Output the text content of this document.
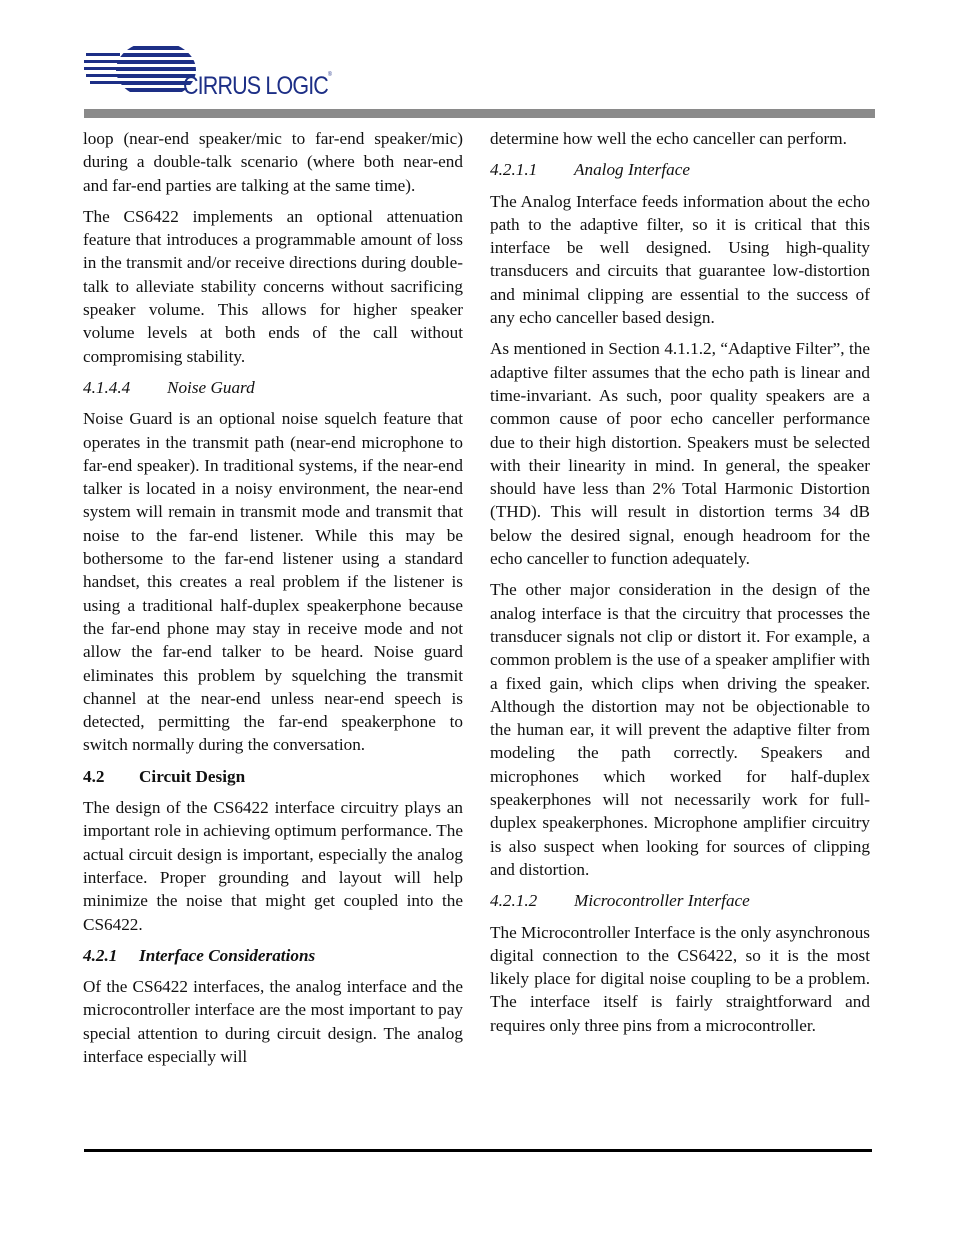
CIRRUS LOGIC®

loop (near-end speaker/mic to far-end speaker/mic) during a double-talk scenario (where both near-end and far-end parties are talking at the same time).

The CS6422 implements an optional attenuation feature that introduces a programmable amount of loss in the transmit and/or receive directions during double-talk to alleviate stability concerns without sacrificing speaker volume. This allows for higher speaker volume levels at both ends of the call without compromising stability.

4.1.4.4 Noise Guard

Noise Guard is an optional noise squelch feature that operates in the transmit path (near-end microphone to far-end speaker). In traditional systems, if the near-end talker is located in a noisy environment, the near-end system will remain in transmit mode and transmit that noise to the far-end listener. While this may be bothersome to the far-end listener using a standard handset, this creates a real problem if the listener is using a traditional half-duplex speakerphone because the far-end phone may stay in receive mode and not allow the far-end talker to be heard. Noise guard eliminates this problem by squelching the transmit channel at the near-end unless near-end speech is detected, permitting the far-end speakerphone to switch normally during the conversation.

4.2 Circuit Design

The design of the CS6422 interface circuitry plays an important role in achieving optimum performance. The actual circuit design is important, especially the analog interface. Proper grounding and layout will help minimize the noise that might get coupled into the CS6422.

4.2.1 Interface Considerations

Of the CS6422 interfaces, the analog interface and the microcontroller interface are the most important to pay special attention to during circuit design. The analog interface especially will

determine how well the echo canceller can perform.

4.2.1.1 Analog Interface

The Analog Interface feeds information about the echo path to the adaptive filter, so it is critical that this interface be well designed. Using high-quality transducers and circuits that guarantee low-distortion and minimal clipping are essential to the success of any echo canceller based design.

As mentioned in Section 4.1.1.2, “Adaptive Filter”, the adaptive filter assumes that the echo path is linear and time-invariant. As such, poor quality speakers are a common cause of poor echo canceller performance due to their high distortion. Speakers must be selected with their linearity in mind. In general, the speaker should have less than 2% Total Harmonic Distortion (THD). This will result in distortion terms 34 dB below the desired signal, enough headroom for the echo canceller to function adequately.

The other major consideration in the design of the analog interface is that the circuitry that processes the transducer signals not clip or distort it. For example, a common problem is the use of a speaker amplifier with a fixed gain, which clips when driving the speaker. Although the distortion may not be objectionable to the human ear, it will prevent the adaptive filter from modeling the path correctly. Speakers and microphones which worked for half-duplex speakerphones will not necessarily work for full-duplex speakerphones. Microphone amplifier circuitry is also suspect when looking for sources of clipping and distortion.

4.2.1.2 Microcontroller Interface

The Microcontroller Interface is the only asynchronous digital connection to the CS6422, so it is the most likely place for digital noise coupling to be a problem. The interface itself is fairly straightforward and requires only three pins from a microcontroller.
